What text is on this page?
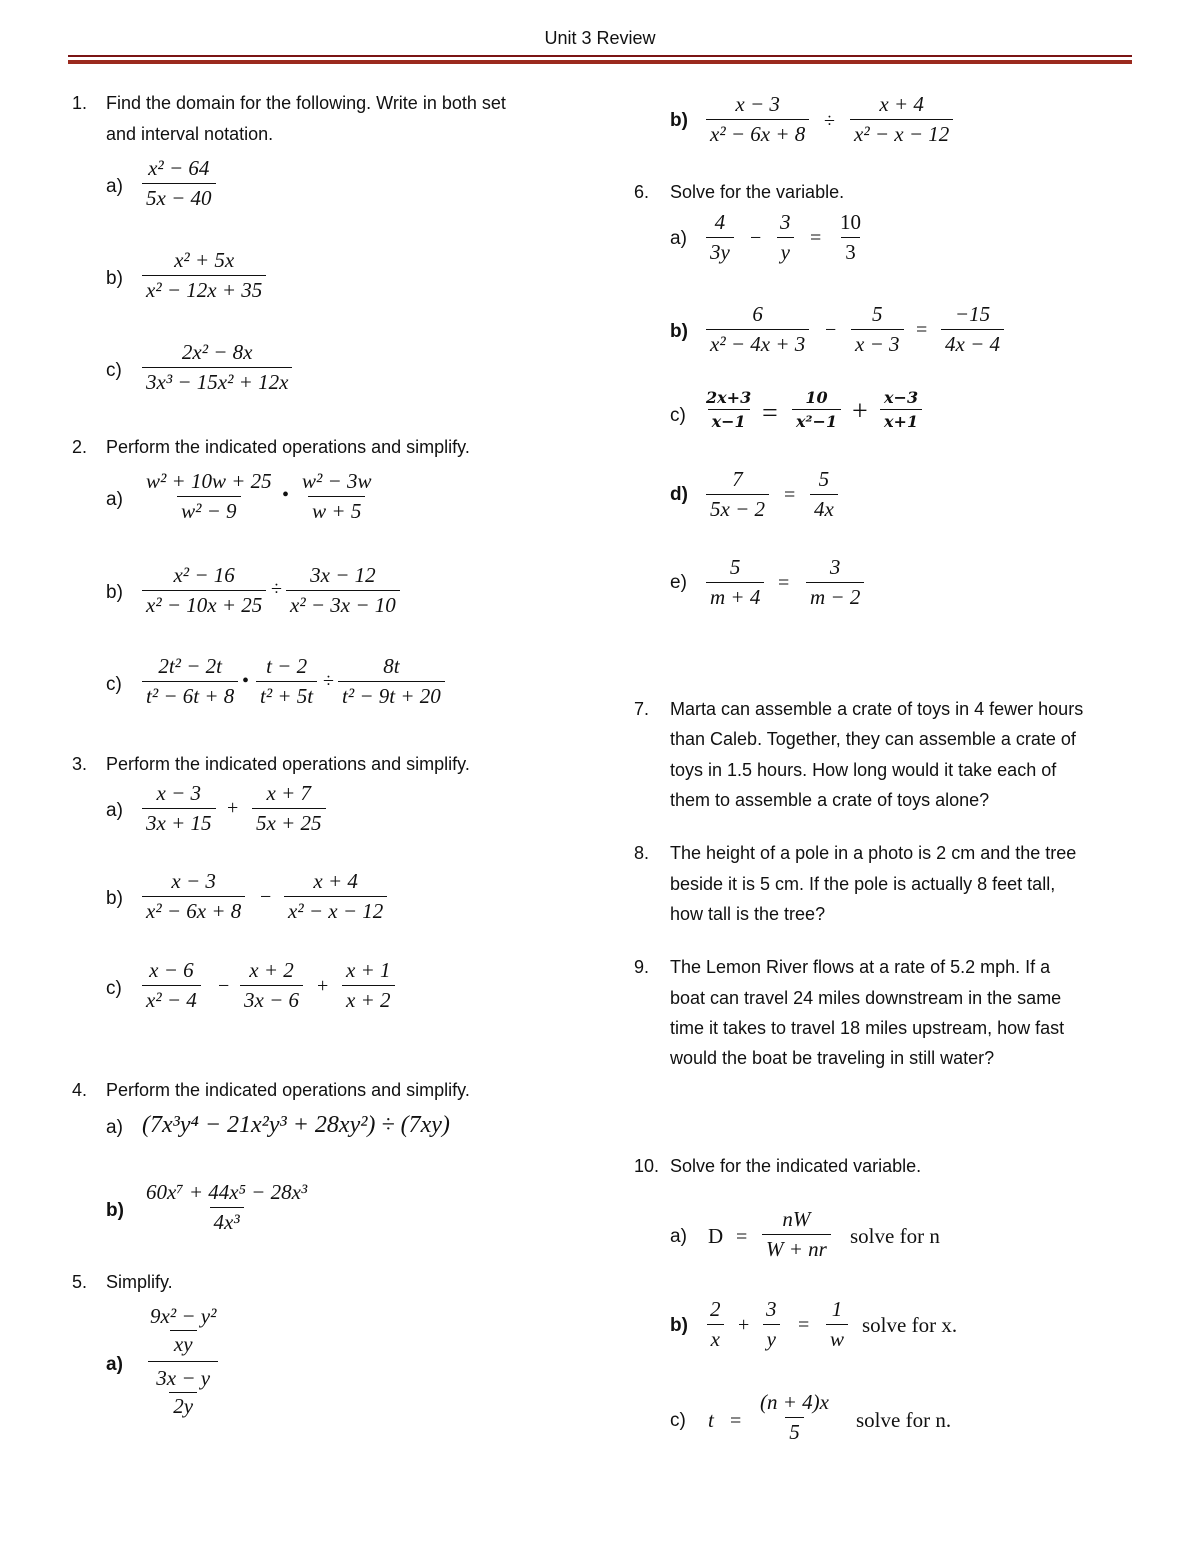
Unit 3 Review
1. Find the domain for the following. Write in both set
and interval notation.
$a) \frac{\text{x² − 64}}{5x - 40}$
$b) \frac{\text{x² + 5x}}{\text{x² − 12x + 35}}$
$c) \frac{\text{2x² − 8x}}{\text{3x³ − 15x² + 12x}}$
2. Perform the indicated operations and simplify.
$a) \frac{\text{w² + 10w + 25}}{\text{w² − 9}}$ • $\frac{\text{w² − 3w}}{w + 5}$
$b) \frac{\text{x² − 16}}{\text{x² − 10x + 25}} \div \frac{3x - 12}{\text{x² − 3x − 10}}$
$c) \frac{\text{2t² − 2t}}{\text{t² − 6t + 8}}$ • $\frac{t - 2}{\text{t² + 5t}} \div \frac{8t}{\text{t² − 9t + 20}}$
3. Perform the indicated operations and simplify.
$a) \frac{x - 3}{3x + 15} + \frac{x + 7}{5x + 25}$
$b) \frac{x - 3}{\text{x² − 6x + 8}} - \frac{x + 4}{\text{x² − x − 12}}$
$c) \frac{x - 6}{\text{x² − 4}} - \frac{x + 2}{3x - 6} + \frac{x + 1}{x + 2}$
4. Perform the indicated operations and simplify.
a) (7x³y⁴ − 21x²y³ + 28xy²) ÷ (7xy)
$b) \frac{\text{60x⁷ + 44x⁵ − 28x³}}{\text{4x³}}$
5. Simplify.
$a) \frac{\frac{\text{9x² − y²}}{xy}}{\frac{3x - y}{2y}}$
$b) \frac{x - 3}{\text{x² − 6x + 8}} \div \frac{x + 4}{\text{x² − x − 12}}$
6. Solve for the variable.
$a) \frac{4}{3y} - \frac{3}{y} = \frac{10}{3}$
$b) \frac{6}{\text{x² − 4x + 3}} - \frac{5}{x - 3} = \frac{-15}{4x - 4}$
$c) \frac{2x+3}{x-1} = \frac{10}{\text{x²−1}} + \frac{x-3}{x+1}$
$d) \frac{7}{5x - 2} = \frac{5}{4x}$
$e) \frac{5}{m + 4} = \frac{3}{m - 2}$
7. Marta can assemble a crate of toys in 4 fewer hours
than Caleb. Together, they can assemble a crate of
toys in 1.5 hours. How long would it take each of
them to assemble a crate of toys alone?
8. The height of a pole in a photo is 2 cm and the tree
beside it is 5 cm. If the pole is actually 8 feet tall,
how tall is the tree?
9. The Lemon River flows at a rate of 5.2 mph. If a
boat can travel 24 miles downstream in the same
time it takes to travel 18 miles upstream, how fast
would the boat be traveling in still water?
10. Solve for the indicated variable.
a) $D = \frac{nW}{W + nr}$ solve for n
$b) \frac{2}{x} + \frac{3}{y} = \frac{1}{w}$ solve for x.
c) $t = \frac{(n + 4)x}{5}$ solve for n.
